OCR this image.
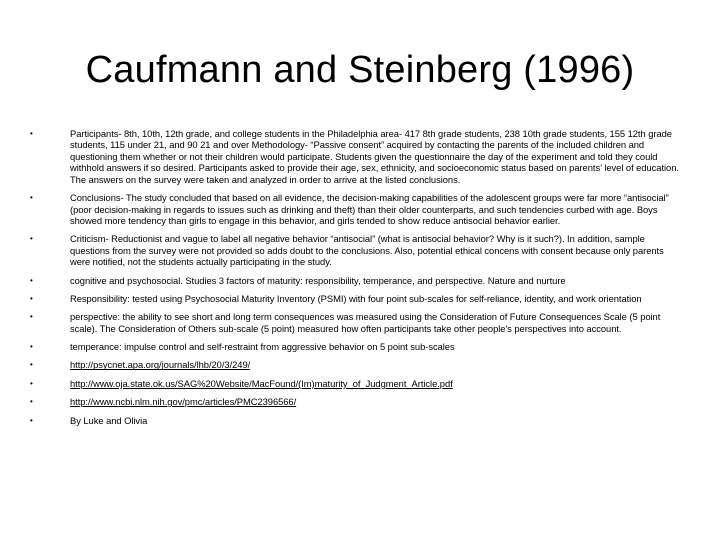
Caufmann and Steinberg (1996)
•	Participants- 8th, 10th, 12th grade, and college students in the Philadelphia area- 417 8th grade students, 238 10th grade students, 155 12th grade students, 115 under 21, and 90 21 and over Methodology- “Passive consent” acquired by contacting the parents of the included children and questioning them whether or not their children would participate. Students given the questionnaire the day of the experiment and told they could withhold answers if so desired. Participants asked to provide their age, sex, ethnicity, and socioeconomic status based on parents’ level of education. The answers on the survey were taken and analyzed in order to arrive at the listed conclusions.
•	Conclusions- The study concluded that based on all evidence, the decision-making capabilities of the adolescent groups were far more “antisocial” (poor decision-making in regards to issues such as drinking and theft) than their older counterparts, and such tendencies curbed with age. Boys showed more tendency than girls to engage in this behavior, and girls tended to show reduce antisocial behavior earlier.
•	Criticism- Reductionist and vague to label all negative behavior “antisocial” (what is antisocial behavior? Why is it such?). In addition, sample questions from the survey were not provided so adds doubt to the conclusions. Also, potential ethical concens with consent because only parents were notified, not the students actually participating in the study.
•	cognitive and psychosocial. Studies 3 factors of maturity: responsibility, temperance, and perspective. Nature and nurture
•	Responsibility: tested using Psychosocial Maturity Inventory (PSMI) with four point sub-scales for self-reliance, identity, and work orientation
•	perspective: the ability to see short and long term consequences was measured using the Consideration of Future Consequences Scale (5 point scale). The Consideration of Others sub-scale (5 point) measured how often participants take other people's perspectives into account.
•	temperance: impulse control and self-restraint from aggressive behavior on 5 point sub-scales
•	http://psycnet.apa.org/journals/lhb/20/3/249/
•	http://www.oja.state.ok.us/SAG%20Website/MacFound/(Im)maturity_of_Judgment_Article.pdf
•	http://www.ncbi.nlm.nih.gov/pmc/articles/PMC2396566/
•	By Luke and Olivia
